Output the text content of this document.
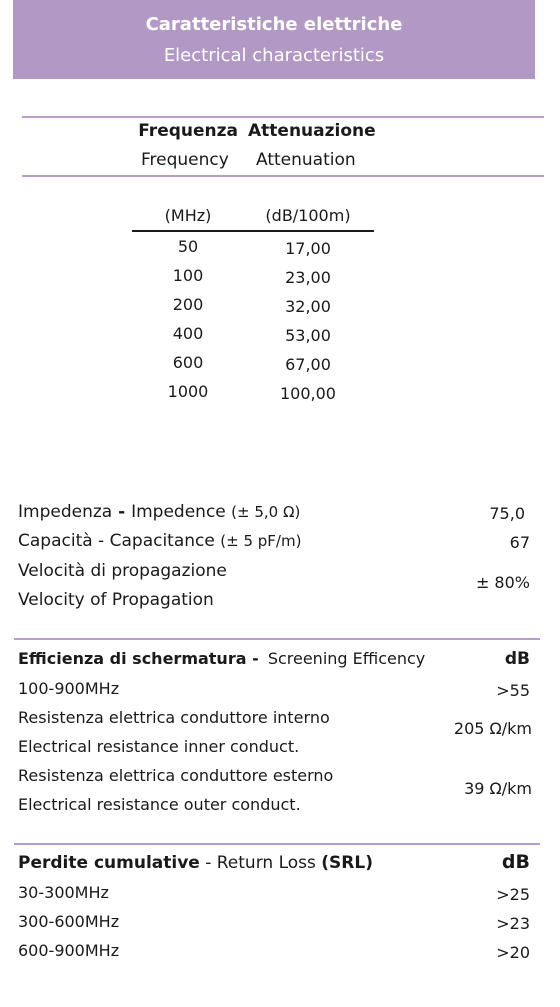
Caratteristiche elettriche
Electrical characteristics
Frequenza Attenuazione
Frequency Attenuation
(MHz)	(dB/100m)
50	17,00
100	23,00
200	32,00
400	53,00
600	67,00
1000	100,00
Impedenza - Impedence (± 5,0 Ω)	75,0
Capacità - Capacitance (± 5 pF/m)	67
Velocità di propagazione
Velocity of Propagation
± 80%
Efficienza di schermatura - Screening Efficency	dB
100-900MHz	>55
Resistenza elettrica conduttore interno
Electrical resistance inner conduct.
205 Ω/km
Resistenza elettrica conduttore esterno
Electrical resistance outer conduct.
39 Ω/km
Perdite cumulative - Return Loss (SRL)	dB
30-300MHz	>25
300-600MHz	>23
600-900MHz	>20
